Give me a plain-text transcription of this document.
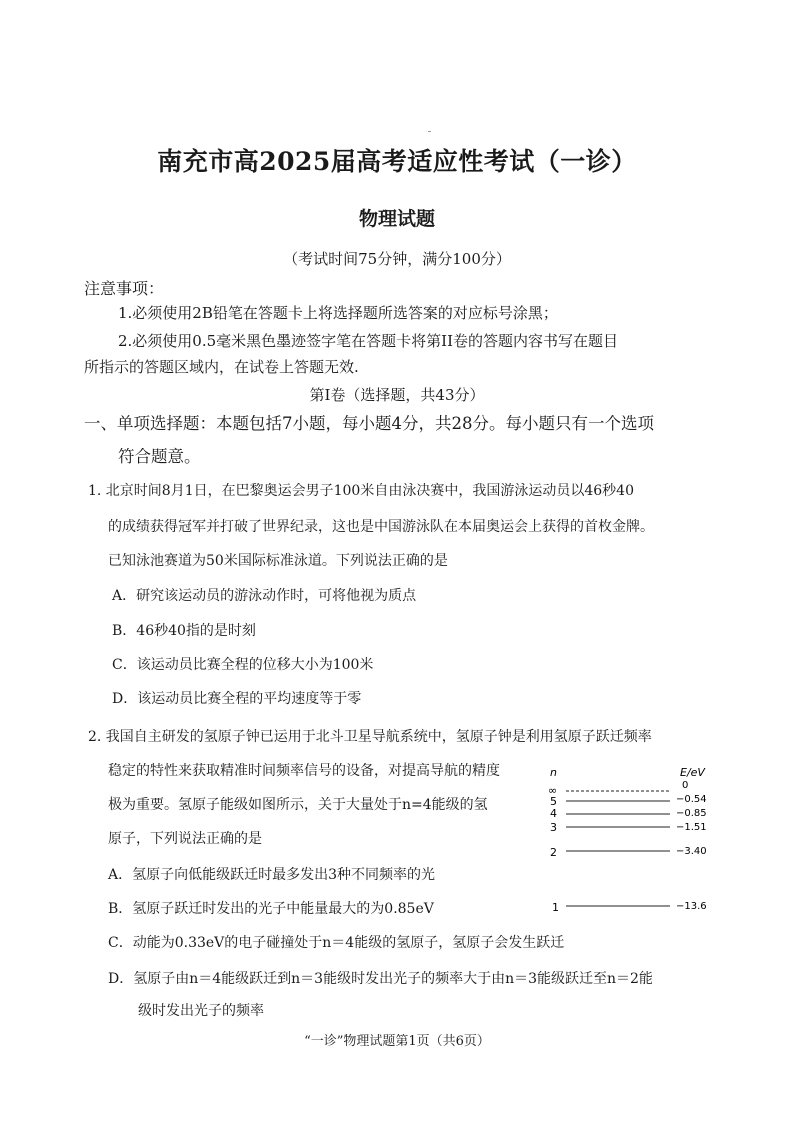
南充市高2025届高考适应性考试（一诊）
物理试题
（考试时间75分钟，满分100分）
注意事项：
1.必须使用2B铅笔在答题卡上将选择题所选答案的对应标号涂黑；
2.必须使用0.5毫米黑色墨迹签字笔在答题卡将第II卷的答题内容书写在题目
所指示的答题区域内，在试卷上答题无效.
第I卷（选择题，共43分）
一、单项选择题：本题包括7小题，每小题4分，共28分。每小题只有一个选项
符合题意。
1. 北京时间8月1日，在巴黎奥运会男子100米自由泳决赛中，我国游泳运动员以46秒40
的成绩获得冠军并打破了世界纪录，这也是中国游泳队在本届奥运会上获得的首枚金牌。
已知泳池赛道为50米国际标准泳道。下列说法正确的是
A．研究该运动员的游泳动作时，可将他视为质点
B．46秒40指的是时刻
C．该运动员比赛全程的位移大小为100米
D．该运动员比赛全程的平均速度等于零
2. 我国自主研发的氢原子钟已运用于北斗卫星导航系统中，氢原子钟是利用氢原子跃迁频率
稳定的特性来获取精准时间频率信号的设备，对提高导航的精度
极为重要。氢原子能级如图所示，关于大量处于n=4能级的氢
原子，下列说法正确的是
A．氢原子向低能级跃迁时最多发出3种不同频率的光
B．氢原子跃迁时发出的光子中能量最大的为0.85eV
C．动能为0.33eV的电子碰撞处于n＝4能级的氢原子，氢原子会发生跃迁
D．氢原子由n＝4能级跃迁到n＝3能级时发出光子的频率大于由n＝3能级跃迁至n＝2能
级时发出光子的频率
n	E/eV
∞	0
5	−0.54
4	−0.85
3	−1.51
2	−3.40
1	−13.6
“一诊”物理试题第1页（共6页）
